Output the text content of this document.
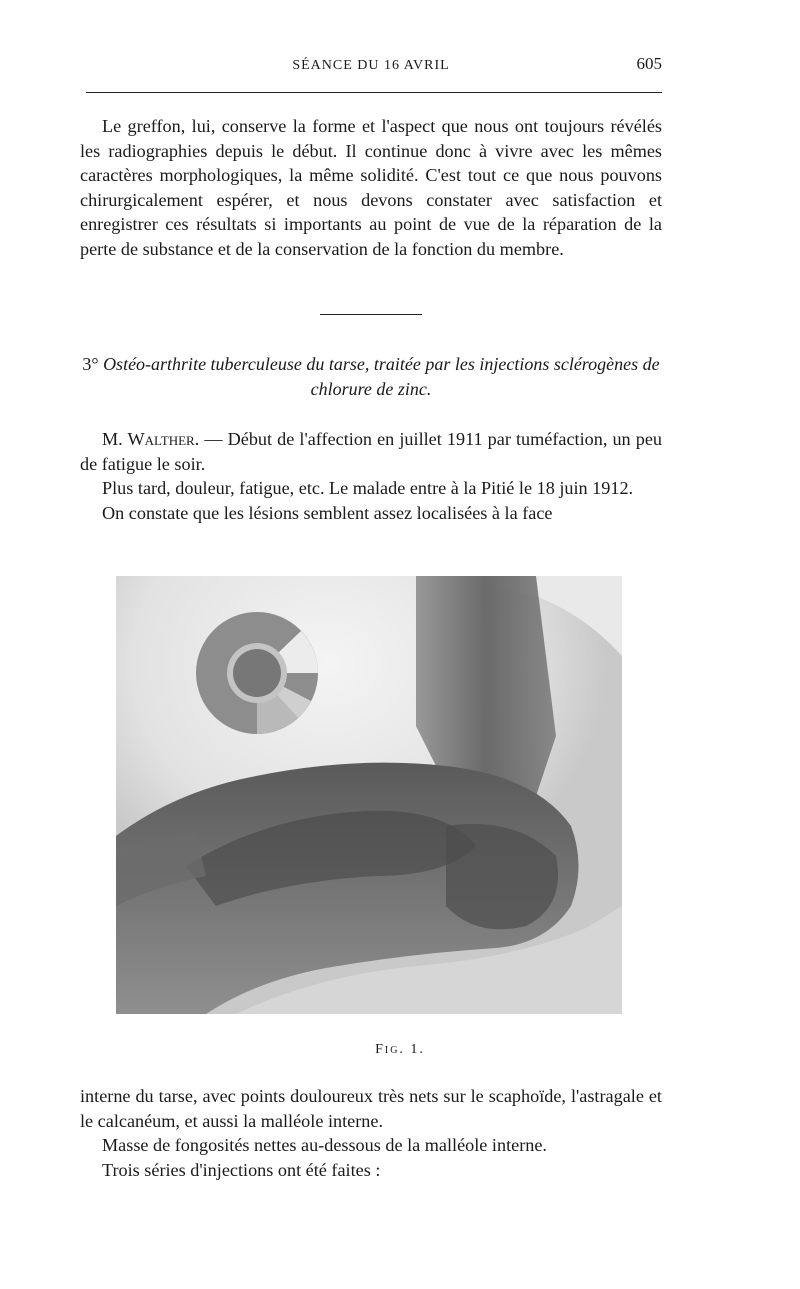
SÉANCE DU 16 AVRIL	605

Le greffon, lui, conserve la forme et l'aspect que nous ont toujours révélés les radiographies depuis le début. Il continue donc à vivre avec les mêmes caractères morphologiques, la même solidité. C'est tout ce que nous pouvons chirurgicalement espérer, et nous devons constater avec satisfaction et enregistrer ces résultats si importants au point de vue de la réparation de la perte de substance et de la conservation de la fonction du membre.

3° Ostéo-arthrite tuberculeuse du tarse, traitée par les injections sclérogènes de chlorure de zinc.

M. Walther. — Début de l'affection en juillet 1911 par tuméfaction, un peu de fatigue le soir.

Plus tard, douleur, fatigue, etc. Le malade entre à la Pitié le 18 juin 1912.

On constate que les lésions semblent assez localisées à la face

Fig. 1.

interne du tarse, avec points douloureux très nets sur le scaphoïde, l'astragale et le calcanéum, et aussi la malléole interne.

Masse de fongosités nettes au-dessous de la malléole interne.

Trois séries d'injections ont été faites :
